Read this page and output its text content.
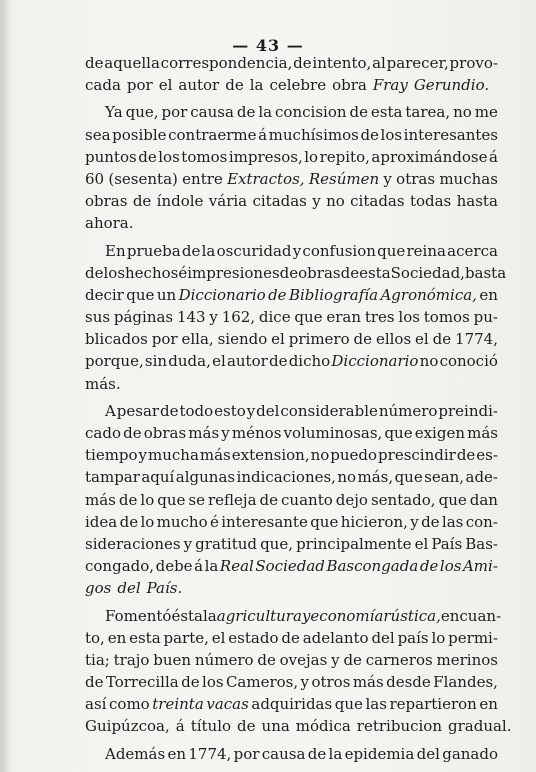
— 43 —
de aquella correspondencia, de intento, al parecer, provo-
cada por el autor de la celebre obra Fray Gerundio.
Ya que, por causa de la concision de esta tarea, no me
sea posible contraerme á muchísimos de los interesantes
puntos de los tomos impresos, lo repito, aproximándose á
60 (sesenta) entre Extractos, Resúmen y otras muchas
obras de índole vária citadas y no citadas todas hasta
ahora.
En prueba de la oscuridad y confusion que reina acerca
de los hechos é impresiones de obras de esta Sociedad, basta
decir que un Diccionario de Bibliografía Agronómica, en
sus páginas 143 y 162, dice que eran tres los tomos pu-
blicados por ella, siendo el primero de ellos el de 1774,
porque, sin duda, el autor de dicho Diccionario no conoció
más.
A pesar de todo esto y del considerable número preindi-
cado de obras más y ménos voluminosas, que exigen más
tiempo y mucha más extension, no puedo prescindir de es-
tampar aquí algunas indicaciones, no más, que sean, ade-
más de lo que se refleja de cuanto dejo sentado, que dan
idea de lo mucho é interesante que hicieron, y de las con-
sideraciones y gratitud que, principalmente el País Bas-
congado, debe á la Real Sociedad Bascongada de los Ami-
gos del País.
Fomentó ésta la agricultura y economía rústica, en cuan-
to, en esta parte, el estado de adelanto del país lo permi-
tia; trajo buen número de ovejas y de carneros merinos
de Torrecilla de los Cameros, y otros más desde Flandes,
así como treinta vacas adquiridas que las repartieron en
Guipúzcoa, á título de una módica retribucion gradual.
Además en 1774, por causa de la epidemia del ganado
